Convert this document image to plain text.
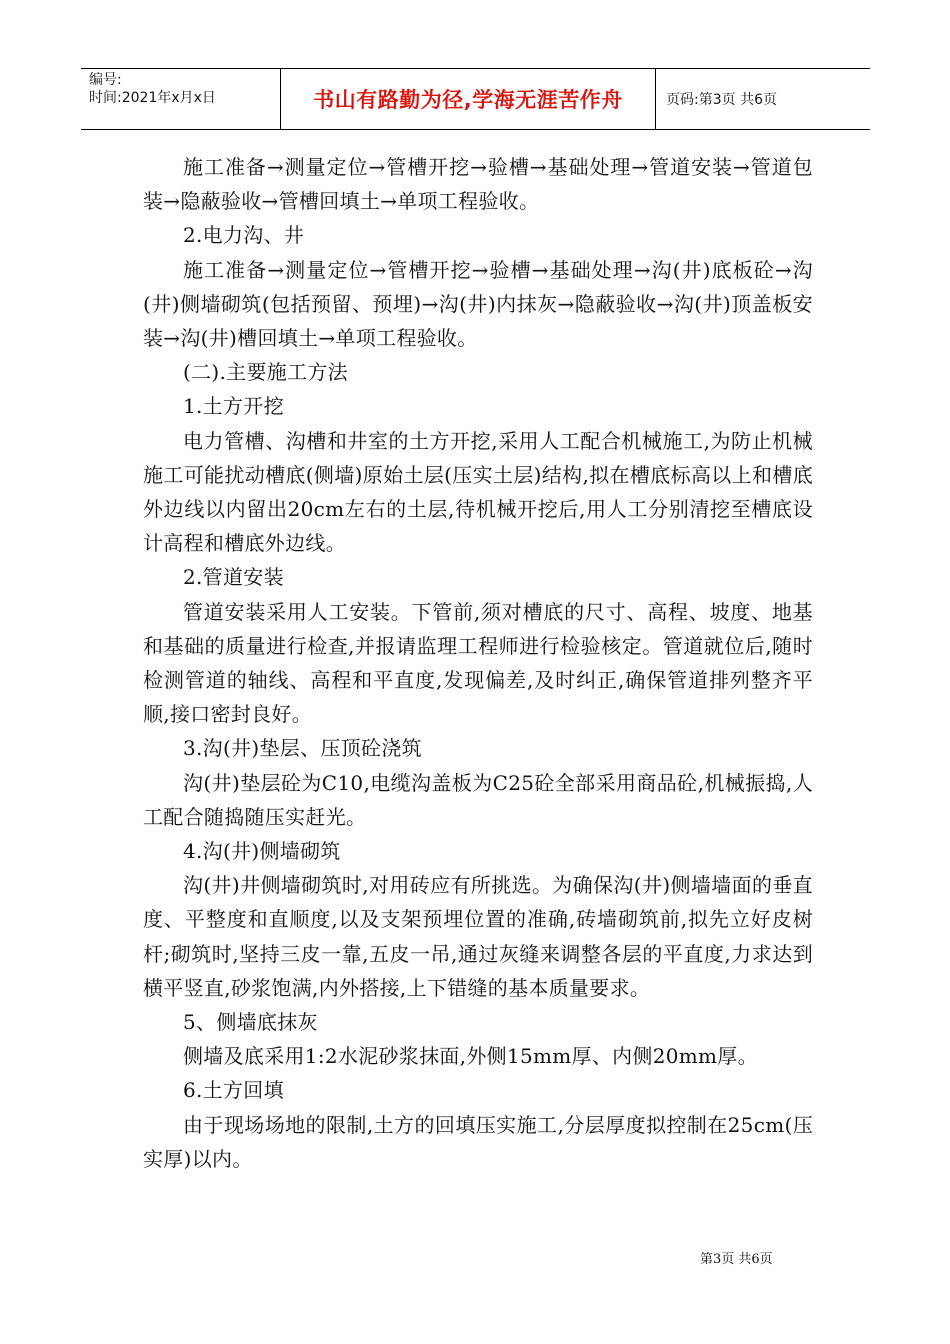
编号:
时间:2021年x月x日	书山有路勤为径,学海无涯苦作舟	页码:第3页 共6页

施工准备→测量定位→管槽开挖→验槽→基础处理→管道安装→管道包装→隐蔽验收→管槽回填土→单项工程验收。

2.电力沟、井

施工准备→测量定位→管槽开挖→验槽→基础处理→沟(井)底板砼→沟(井)侧墙砌筑(包括预留、预埋)→沟(井)内抹灰→隐蔽验收→沟(井)顶盖板安装→沟(井)槽回填土→单项工程验收。

(二).主要施工方法

1.土方开挖

电力管槽、沟槽和井室的土方开挖,采用人工配合机械施工,为防止机械施工可能扰动槽底(侧墙)原始土层(压实土层)结构,拟在槽底标高以上和槽底外边线以内留出20cm左右的土层,待机械开挖后,用人工分别清挖至槽底设计高程和槽底外边线。

2.管道安装

管道安装采用人工安装。下管前,须对槽底的尺寸、高程、坡度、地基和基础的质量进行检查,并报请监理工程师进行检验核定。管道就位后,随时检测管道的轴线、高程和平直度,发现偏差,及时纠正,确保管道排列整齐平顺,接口密封良好。

3.沟(井)垫层、压顶砼浇筑

沟(井)垫层砼为C10,电缆沟盖板为C25砼全部采用商品砼,机械振捣,人工配合随捣随压实赶光。

4.沟(井)侧墙砌筑

沟(井)井侧墙砌筑时,对用砖应有所挑选。为确保沟(井)侧墙墙面的垂直度、平整度和直顺度,以及支架预埋位置的准确,砖墙砌筑前,拟先立好皮树杆;砌筑时,坚持三皮一靠,五皮一吊,通过灰缝来调整各层的平直度,力求达到横平竖直,砂浆饱满,内外搭接,上下错缝的基本质量要求。

5、侧墙底抹灰

侧墙及底采用1:2水泥砂浆抹面,外侧15mm厚、内侧20mm厚。

6.土方回填

由于现场场地的限制,土方的回填压实施工,分层厚度拟控制在25cm(压实厚)以内。

第3页 共6页
